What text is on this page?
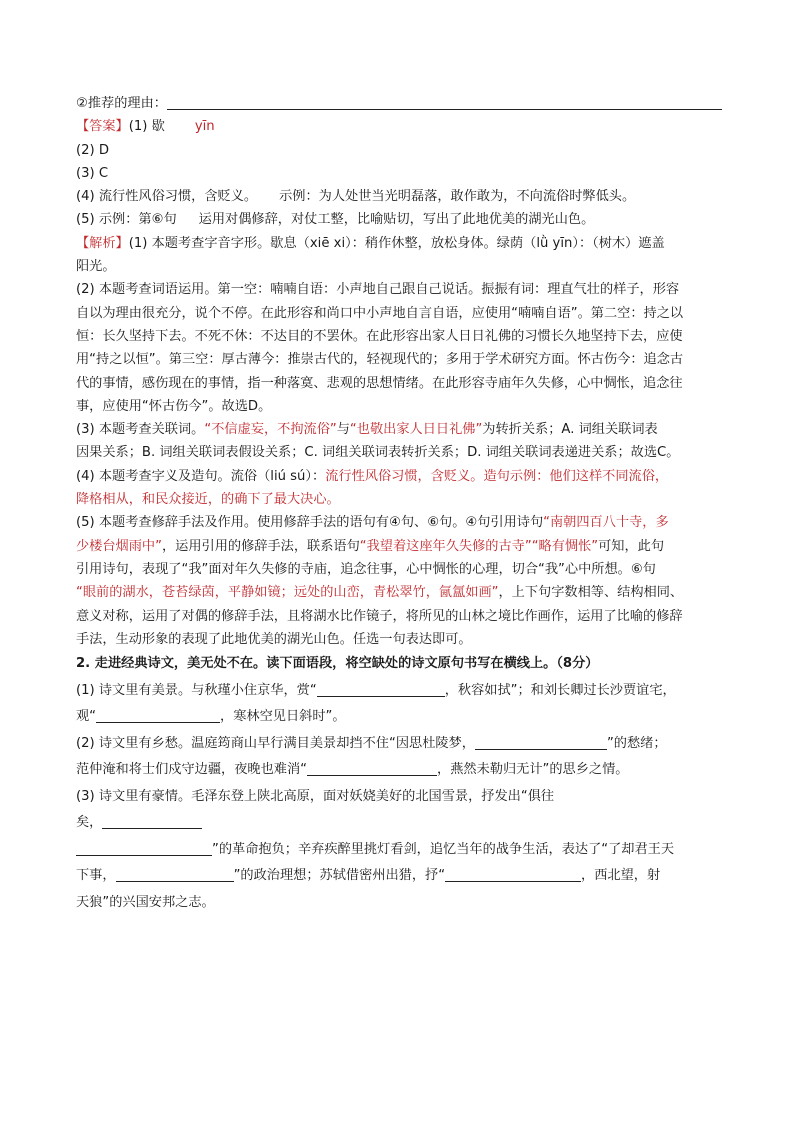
②推荐的理由：
【答案】(1) 歇 yīn
(2) D
(3) C
(4) 流行性风俗习惯，含贬义。 示例：为人处世当光明磊落，敢作敢为，不向流俗时弊低头。
(5) 示例：第⑥句 运用对偶修辞，对仗工整，比喻贴切，写出了此地优美的湖光山色。
【解析】(1) 本题考查字音字形。歇息（xiē xi）：稍作休整，放松身体。绿荫（lǜ yīn）：（树木）遮盖
阳光。
(2) 本题考查词语运用。第一空：喃喃自语：小声地自己跟自己说话。振振有词：理直气壮的样子，形容
自以为理由很充分，说个不停。在此形容和尚口中小声地自言自语，应使用“喃喃自语”。第二空：持之以
恒：长久坚持下去。不死不休：不达目的不罢休。在此形容出家人日日礼佛的习惯长久地坚持下去，应使
用“持之以恒”。第三空：厚古薄今：推崇古代的，轻视现代的；多用于学术研究方面。怀古伤今：追念古
代的事情，感伤现在的事情，指一种落寞、悲观的思想情绪。在此形容寺庙年久失修，心中惆怅，追念往
事，应使用“怀古伤今”。故选D。
(3) 本题考查关联词。“不信虚妄，不拘流俗”与“也敬出家人日日礼佛”为转折关系；A. 词组关联词表
因果关系；B. 词组关联词表假设关系；C. 词组关联词表转折关系；D. 词组关联词表递进关系；故选C。
(4) 本题考查字义及造句。流俗（liú sú）：流行性风俗习惯，含贬义。造句示例：他们这样不同流俗，
降格相从，和民众接近，的确下了最大决心。
(5) 本题考查修辞手法及作用。使用修辞手法的语句有④句、⑥句。④句引用诗句“南朝四百八十寺，多
少楼台烟雨中”，运用引用的修辞手法，联系语句“我望着这座年久失修的古寺”“略有惆怅”可知，此句
引用诗句，表现了“我”面对年久失修的寺庙，追念往事，心中惆怅的心理，切合“我”心中所想。⑥句
“眼前的湖水，苍苔绿茵，平静如镜；远处的山峦，青松翠竹，氤氲如画”，上下句字数相等、结构相同、
意义对称，运用了对偶的修辞手法，且将湖水比作镜子，将所见的山林之境比作画作，运用了比喻的修辞
手法，生动形象的表现了此地优美的湖光山色。任选一句表达即可。
2. 走进经典诗文，美无处不在。读下面语段，将空缺处的诗文原句书写在横线上。（8分）
(1) 诗文里有美景。与秋瑾小住京华，赏“	，秋容如拭”；和刘长卿过长沙贾谊宅，
观“	，寒林空见日斜时”。
(2) 诗文里有乡愁。温庭筠商山早行满目美景却挡不住“因思杜陵梦，	”的愁绪；
范仲淹和将士们戍守边疆，夜晚也难消“	，燕然未勒归无计”的思乡之情。
(3) 诗文里有豪情。毛泽东登上陕北高原，面对妖娆美好的北国雪景，抒发出“俱往
矣，
”的革命抱负；辛弃疾醉里挑灯看剑，追忆当年的战争生活，表达了“了却君王天
下事，	”的政治理想；苏轼借密州出猎，抒“	，西北望，射
天狼”的兴国安邦之志。
